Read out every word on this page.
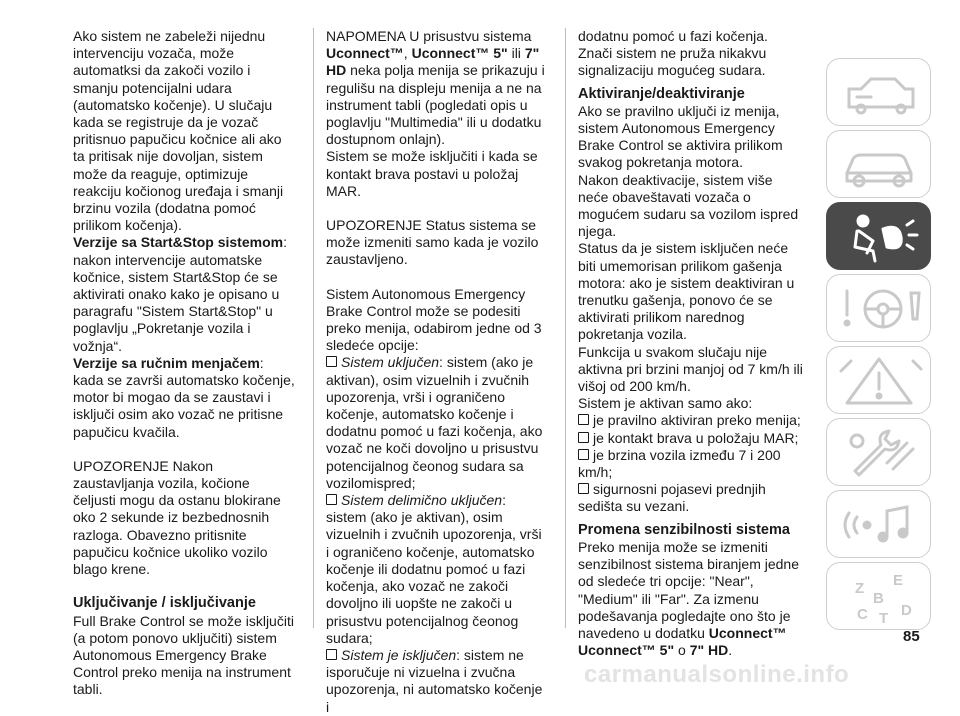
Ako sistem ne zabeleži nijednu intervenciju vozača, može automatksi da zakoči vozilo i smanju potencijalni udara (automatsko kočenje). U slučaju kada se registruje da je vozač pritisnuo papučicu kočnice ali ako ta pritisak nije dovoljan, sistem može da reaguje, optimizuje reakciju kočionog uređaja i smanji brzinu vozila (dodatna pomoć prilikom kočenja).

Verzije sa Start&Stop sistemom: nakon intervencije automatske kočnice, sistem Start&Stop će se aktivirati onako kako je opisano u paragrafu "Sistem Start&Stop" u poglavlju „Pokretanje vozila i vožnja“.

Verzije sa ručnim menjačem: kada se završi automatsko kočenje, motor bi mogao da se zaustavi i isključi osim ako vozač ne pritisne papučicu kvačila.

UPOZORENJE Nakon zaustavljanja vozila, kočione čeljusti mogu da ostanu blokirane oko 2 sekunde iz bezbednosnih razloga. Obavezno pritisnite papučicu kočnice ukoliko vozilo blago krene.

Uključivanje / isključivanje

Full Brake Control se može isključiti (a potom ponovo uključiti) sistem Autonomous Emergency Brake Control preko menija na instrument tabli.

NAPOMENA U prisustvu sistema Uconnect™, Uconnect™ 5" ili 7" HD neka polja menija se prikazuju i regulišu na displeju menija a ne na instrument tabli (pogledati opis u poglavlju "Multimedia" ili u dodatku dostupnom onlajn).

Sistem se može isključiti i kada se kontakt brava postavi u položaj MAR.

UPOZORENJE Status sistema se može izmeniti samo kada je vozilo zaustavljeno.

Sistem Autonomous Emergency Brake Control može se podesiti preko menija, odabirom jedne od 3 sledeće opcije:

Sistem uključen: sistem (ako je aktivan), osim vizuelnih i zvučnih upozorenja, vrši i ograničeno kočenje, automatsko kočenje i dodatnu pomoć u fazi kočenja, ako vozač ne koči dovoljno u prisustvu potencijalnog čeonog sudara sa vozilomispred;

Sistem delimično uključen: sistem (ako je aktivan), osim vizuelnih i zvučnih upozorenja, vrši i ograničeno kočenje, automatsko kočenje ili dodatnu pomoć u fazi kočenja, ako vozač ne zakoči dovoljno ili uopšte ne zakoči u prisustvu potencijalnog čeonog sudara;

Sistem je isključen: sistem ne isporučuje ni vizuelna i zvučna upozorenja, ni automatsko kočenje i

dodatnu pomoć u fazi kočenja. Znači sistem ne pruža nikakvu signalizaciju mogućeg sudara.

Aktiviranje/deaktiviranje

Ako se pravilno uključi iz menija, sistem Autonomous Emergency Brake Control se aktivira prilikom svakog pokretanja motora.

Nakon deaktivacije, sistem više neće obaveštavati vozača o mogućem sudaru sa vozilom ispred njega.

Status da je sistem isključen neće biti umemorisan prilikom gašenja motora: ako je sistem deaktiviran u trenutku gašenja, ponovo će se aktivirati prilikom narednog pokretanja vozila.

Funkcija u svakom slučaju nije aktivna pri brzini manjoj od 7 km/h ili višoj od 200 km/h.

Sistem je aktivan samo ako:

je pravilno aktiviran preko menija;

je kontakt brava u položaju MAR;

je brzina vozila između 7 i 200 km/h;

sigurnosni pojasevi prednjih sedišta su vezani.

Promena senzibilnosti sistema

Preko menija može se izmeniti senzibilnost sistema biranjem jedne od sledeće tri opcije: "Near", "Medium" ili "Far". Za izmenu podešavanja pogledajte ono što je navedeno u dodatku Uconnect™ Uconnect™ 5" o 7" HD.

Z E
B
C T D
85
carmanualsonline.info
